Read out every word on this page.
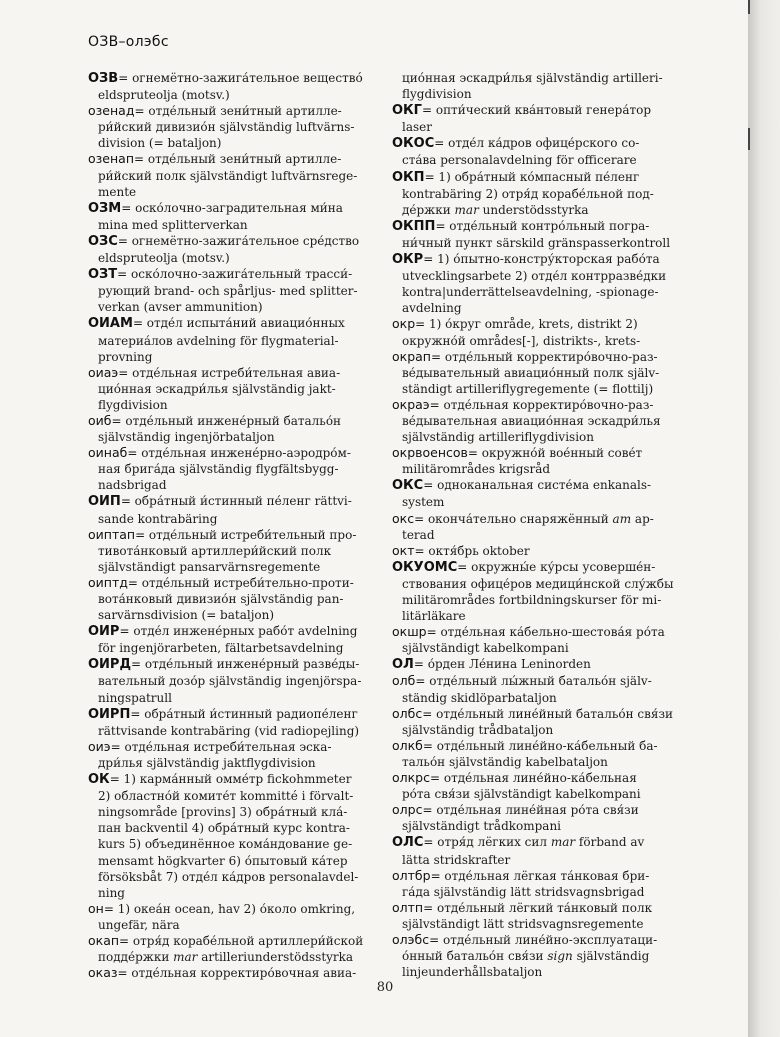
ОЗВ–олэбс
ОЗВ= огнемётно-зажига́тельное веществó
eldspruteolja (motsv.)
озенад= отде́льный зени́тный артилле-
ри́йский дивизио́н självständig luftvärns-
division (= bataljon)
озенап= отде́льный зени́тный артилле-
ри́йский полк självständigt luftvärnsrege-
mente
ОЗМ= оско́лочно-заградительная ми́на
mina med splitterverkan
ОЗС= огнемётно-зажига́тельное сре́дство
eldspruteolja (motsv.)
ОЗТ= оско́лочно-зажига́тельный трасси́-
рующий brand- och spårljus- med splitter-
verkan (avser ammunition)
ОИАМ= отде́л испыта́ний авиацио́нных
материа́лов avdelning för flygmaterial-
provning
оиаэ= отде́льная истреби́тельная авиа-
цио́нная эскадри́лья självständig jakt-
flygdivision
оиб= отде́льный инжене́рный батальо́н
självständig ingenjörbataljon
оинаб= отде́льная инжене́рно-аэродро́м-
ная брига́да självständig flygfältsbygg-
nadsbrigad
ОИП= обра́тный и́стинный пе́ленг rättvi-
sande kontrabäring
оиптап= отде́льный истреби́тельный про-
тивота́нковый артиллери́йский полк
självständigt pansarvärnsregemente
оиптд= отде́льный истреби́тельно-проти-
вота́нковый дивизио́н självständig pan-
sarvärnsdivision (= bataljon)
ОИР= отде́л инжене́рных рабо́т avdelning
för ingenjörarbeten, fältarbetsavdelning
ОИРД= отде́льный инжене́рный разве́ды-
вательный дозо́р självständig ingenjörspa-
ningspatrull
ОИРП= обра́тный и́стинный радиопе́ленг
rättvisande kontrabäring (vid radiopejling)
оиэ= отде́льная истреби́тельная эска-
дри́лья självständig jaktflygdivision
ОК= 1) карма́нный омме́тр fickohmmeter
2) областно́й комите́т kommitté i förvalt-
ningsområde [provins] 3) обра́тный кла́-
пан backventil 4) обра́тный курс kontra-
kurs 5) объединённое кома́ндование ge-
mensamt högkvarter 6) о́пытовый ка́тер
försöksbåt 7) отде́л ка́дров personalavdel-
ning
он= 1) океа́н ocean, hav 2) о́коло omkring,
ungefär, nära
окап= отря́д корабе́льной артиллери́йской
подде́ржки mar artilleriunderstödsstyrka
оказ= отде́льная корректиро́вочная авиа-
цио́нная эскадри́лья självständig artilleri-
flygdivision
ОКГ= опти́ческий ква́нтовый генера́тор
laser
ОКОС= отде́л ка́дров офице́рского со-
ста́ва personalavdelning för officerare
ОКП= 1) обра́тный ко́мпасный пе́ленг
kontrabäring 2) отря́д корабе́льной под-
де́ржки mar understödsstyrka
ОКПП= отде́льный контро́льный погра-
ни́чный пункт särskild gränspasserkontroll
ОКР= 1) о́пытно-констру́кторская рабо́та
utvecklingsarbete 2) отде́л контрразве́дки
kontra|underrättelseavdelning, -spionage-
avdelning
окр= 1) о́круг område, krets, distrikt 2)
окружно́й områdes[-], distrikts-, krets-
окрап= отде́льный корректиро́вочно-раз-
ве́дывательный авиацио́нный полк själv-
ständigt artilleriflygregemente (= flottilj)
окраэ= отде́льная корректиро́вочно-раз-
ве́дывательная авиацио́нная эскадри́лья
självständig artilleriflygdivision
окрвоенсов= окружно́й вое́нный сове́т
militärområdes krigsråd
ОКС= одноканальная систе́ма enkanals-
system
окс= оконча́тельно снаряжённый am ap-
terad
окт= октя́брь oktober
ОКУОМС= окружны́е ку́рсы усоверше́н-
ствования офице́ров медици́нской слу́жбы
militärområdes fortbildningskurser för mi-
litärläkare
окшр= отде́льная ка́бельно-шестова́я ро́та
självständigt kabelkompani
ОЛ= о́рден Ле́нина Leninorden
олб= отде́льный лы́жный батальо́н själv-
ständig skidlöparbataljon
олбс= отде́льный лине́йный батальо́н свя́зи
självständig trådbataljon
олкб= отде́льный лине́йно-ка́бельный ба-
тальо́н självständig kabelbataljon
олкрс= отде́льная лине́йно-ка́бельная
ро́та свя́зи självständigt kabelkompani
олрс= отде́льная лине́йная ро́та свя́зи
självständigt trådkompani
ОЛС= отря́д лёгких сил mar förband av
lätta stridskrafter
олтбр= отде́льная лёгкая та́нковая бри-
га́да självständig lätt stridsvagnsbrigad
олтп= отде́льный лёгкий та́нковый полк
självständigt lätt stridsvagnsregemente
олэбс= отде́льный лине́йно-эксплуатаци-
о́нный батальо́н свя́зи sign självständig
linjeunderhållsbataljon
80
